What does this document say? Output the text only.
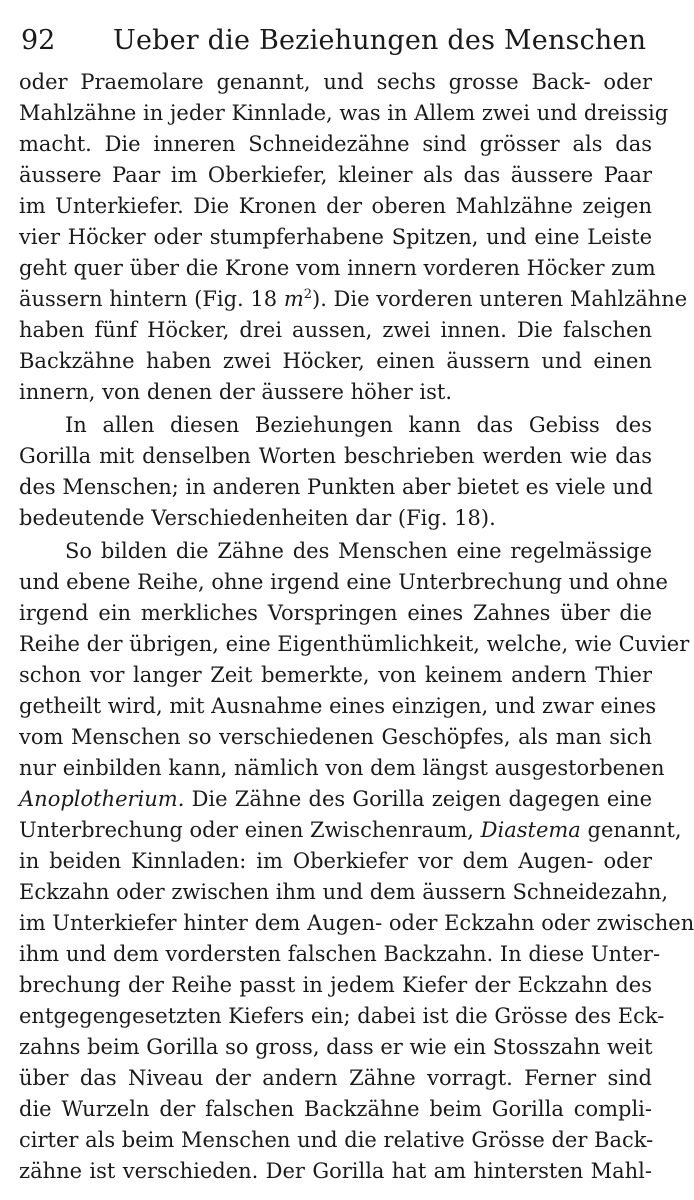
92 Ueber die Beziehungen des Menschen
oder Praemolare genannt, und sechs grosse Back- oder
Mahlzähne in jeder Kinnlade, was in Allem zwei und dreissig
macht. Die inneren Schneidezähne sind grösser als das
äussere Paar im Oberkiefer, kleiner als das äussere Paar
im Unterkiefer. Die Kronen der oberen Mahlzähne zeigen
vier Höcker oder stumpferhabene Spitzen, und eine Leiste
geht quer über die Krone vom innern vorderen Höcker zum
äussern hintern (Fig. 18 $m^2$). Die vorderen unteren Mahlzähne
haben fünf Höcker, drei aussen, zwei innen. Die falschen
Backzähne haben zwei Höcker, einen äussern und einen
innern, von denen der äussere höher ist.
In allen diesen Beziehungen kann das Gebiss des
Gorilla mit denselben Worten beschrieben werden wie das
des Menschen; in anderen Punkten aber bietet es viele und
bedeutende Verschiedenheiten dar (Fig. 18).
So bilden die Zähne des Menschen eine regelmässige
und ebene Reihe, ohne irgend eine Unterbrechung und ohne
irgend ein merkliches Vorspringen eines Zahnes über die
Reihe der übrigen, eine Eigenthümlichkeit, welche, wie Cuvier
schon vor langer Zeit bemerkte, von keinem andern Thier
getheilt wird, mit Ausnahme eines einzigen, und zwar eines
vom Menschen so verschiedenen Geschöpfes, als man sich
nur einbilden kann, nämlich von dem längst ausgestorbenen
Anoplotherium. Die Zähne des Gorilla zeigen dagegen eine
Unterbrechung oder einen Zwischenraum, Diastema genannt,
in beiden Kinnladen: im Oberkiefer vor dem Augen- oder
Eckzahn oder zwischen ihm und dem äussern Schneidezahn,
im Unterkiefer hinter dem Augen- oder Eckzahn oder zwischen
ihm und dem vordersten falschen Backzahn. In diese Unter-
brechung der Reihe passt in jedem Kiefer der Eckzahn des
entgegengesetzten Kiefers ein; dabei ist die Grösse des Eck-
zahns beim Gorilla so gross, dass er wie ein Stosszahn weit
über das Niveau der andern Zähne vorragt. Ferner sind
die Wurzeln der falschen Backzähne beim Gorilla compli-
cirter als beim Menschen und die relative Grösse der Back-
zähne ist verschieden. Der Gorilla hat am hintersten Mahl-
